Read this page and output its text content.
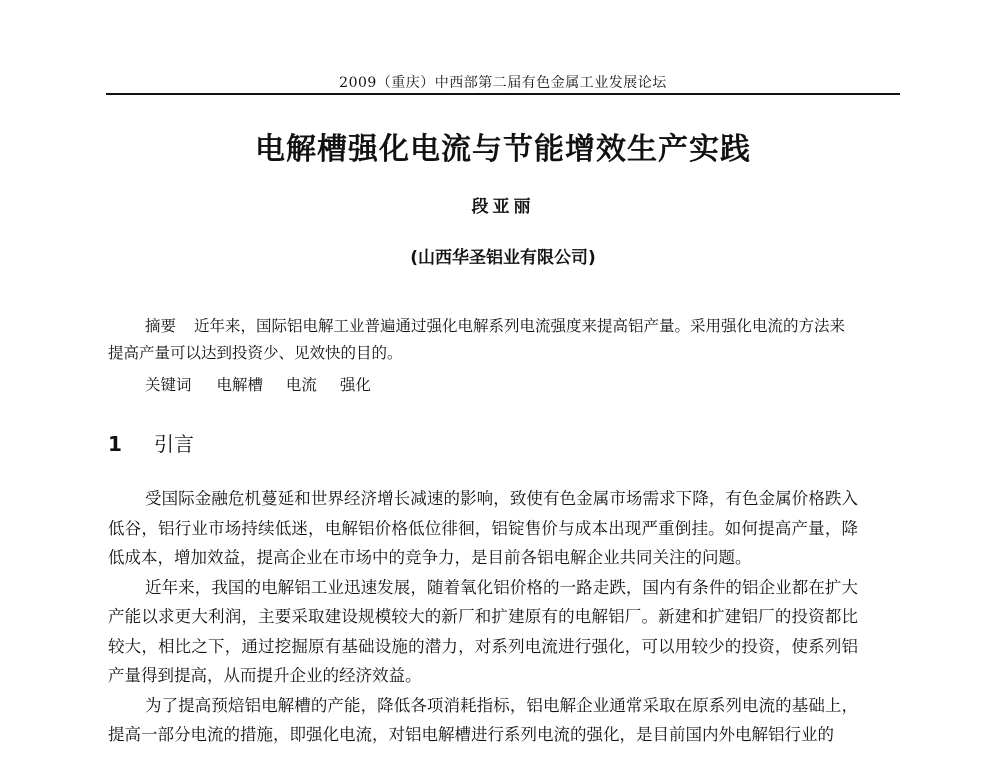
2009（重庆）中西部第二届有色金属工业发展论坛
电解槽强化电流与节能增效生产实践
段亚丽
(山西华圣铝业有限公司)

摘要 近年来，国际铝电解工业普遍通过强化电解系列电流强度来提高铝产量。采用强化电流的方法来提高产量可以达到投资少、见效快的目的。

关键词 电解槽 电流 强化
1 引言

受国际金融危机蔓延和世界经济增长减速的影响，致使有色金属市场需求下降，有色金属价格跌入低谷，铝行业市场持续低迷，电解铝价格低位徘徊，铝锭售价与成本出现严重倒挂。如何提高产量，降低成本，增加效益，提高企业在市场中的竞争力，是目前各铝电解企业共同关注的问题。

近年来，我国的电解铝工业迅速发展，随着氧化铝价格的一路走跌，国内有条件的铝企业都在扩大产能以求更大利润，主要采取建设规模较大的新厂和扩建原有的电解铝厂。新建和扩建铝厂的投资都比较大，相比之下，通过挖掘原有基础设施的潜力，对系列电流进行强化，可以用较少的投资，使系列铝产量得到提高，从而提升企业的经济效益。

为了提高预焙铝电解槽的产能，降低各项消耗指标，铝电解企业通常采取在原系列电流的基础上，提高一部分电流的措施，即强化电流，对铝电解槽进行系列电流的强化，是目前国内外电解铝行业的
